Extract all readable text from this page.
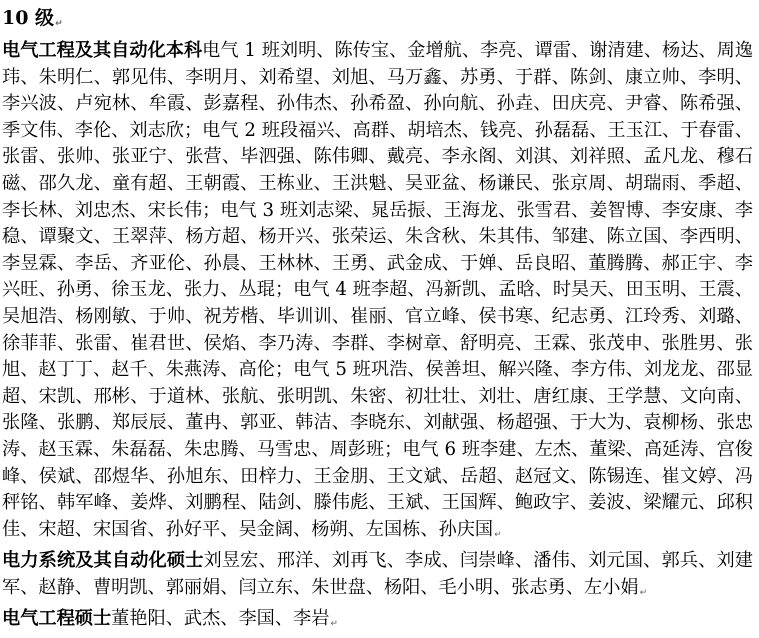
10 级↵

电气工程及其自动化本科电气 1 班刘明、陈传宝、金增航、李亮、谭雷、谢清建、杨达、周逸玮、朱明仁、郭见伟、李明月、刘希望、刘旭、马万鑫、苏勇、于群、陈剑、康立帅、李明、李兴波、卢宛林、牟霞、彭嘉程、孙伟杰、孙希盈、孙向航、孙垚、田庆亮、尹睿、陈希强、季文伟、李伦、刘志欣；电气 2 班段福兴、高群、胡培杰、钱亮、孙磊磊、王玉江、于春雷、张雷、张帅、张亚宁、张营、毕泗强、陈伟卿、戴亮、李永阁、刘淇、刘祥照、孟凡龙、穆石磁、邵久龙、童有超、王朝霞、王栋业、王洪魁、吴亚盆、杨谦民、张京周、胡瑞雨、季超、李长林、刘忠杰、宋长伟；电气 3 班刘志梁、晁岳振、王海龙、张雪君、姜智博、李安康、李稳、谭聚文、王翠萍、杨方超、杨开兴、张荣运、朱含秋、朱其伟、邹建、陈立国、李西明、李昱霖、李岳、齐亚伦、孙晨、王林林、王勇、武金成、于婵、岳良昭、董腾腾、郝正宇、李兴旺、孙勇、徐玉龙、张力、丛琨；电气 4 班李超、冯新凯、孟晗、时昊天、田玉明、王震、吴旭浩、杨刚敏、于帅、祝芳楷、毕训训、崔丽、官立峰、侯书寒、纪志勇、江玲秀、刘璐、徐菲菲、张雷、崔君世、侯焰、李乃涛、李群、李树章、舒明亮、王霖、张茂申、张胜男、张旭、赵丁丁、赵千、朱燕涛、高伦；电气 5 班巩浩、侯善坦、解兴隆、李方伟、刘龙龙、邵显超、宋凯、邢彬、于道林、张航、张明凯、朱密、初壮壮、刘壮、唐红康、王学慧、文向南、张隆、张鹏、郑辰辰、董冉、郭亚、韩洁、李晓东、刘献强、杨超强、于大为、袁柳杨、张忠涛、赵玉霖、朱磊磊、朱忠腾、马雪忠、周彭班；电气 6 班李建、左杰、董梁、高延涛、宫俊峰、侯斌、邵煜华、孙旭东、田梓力、王金朋、王文斌、岳超、赵冠文、陈锡连、崔文婷、冯秤铭、韩军峰、姜烨、刘鹏程、陆剑、滕伟彪、王斌、王国辉、鲍政宇、姜波、梁耀元、邱积佳、宋超、宋国省、孙好平、吴金阔、杨朔、左国栋、孙庆国↵

电力系统及其自动化硕士刘昱宏、邢洋、刘再飞、李成、闫崇峰、潘伟、刘元国、郭兵、刘建军、赵静、曹明凯、郭丽娟、闫立东、朱世盘、杨阳、毛小明、张志勇、左小娟↵

电气工程硕士董艳阳、武杰、李国、李岩↵
